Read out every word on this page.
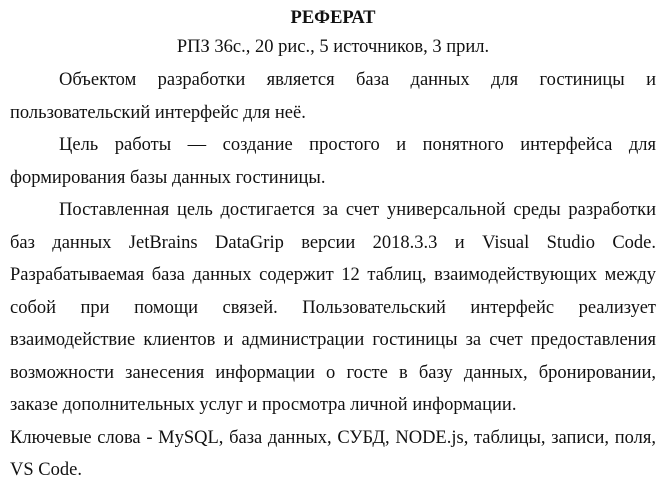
РЕФЕРАТ

РПЗ 36с., 20 рис., 5 источников, 3 прил.

Объектом разработки является база данных для гостиницы и
пользовательский интерфейс для неё.

Цель работы — создание простого и понятного интерфейса для
формирования базы данных гостиницы.

Поставленная цель достигается за счет универсальной среды разработки
баз данных JetBrains DataGrip версии 2018.3.3 и Visual Studio Code.
Разрабатываемая база данных содержит 12 таблиц, взаимодействующих между
собой при помощи связей. Пользовательский интерфейс реализует
взаимодействие клиентов и администрации гостиницы за счет предоставления
возможности занесения информации о госте в базу данных, бронировании,
заказе дополнительных услуг и просмотра личной информации.

Ключевые слова - MySQL, база данных, СУБД, NODE.js, таблицы, записи, поля,
VS Code.
